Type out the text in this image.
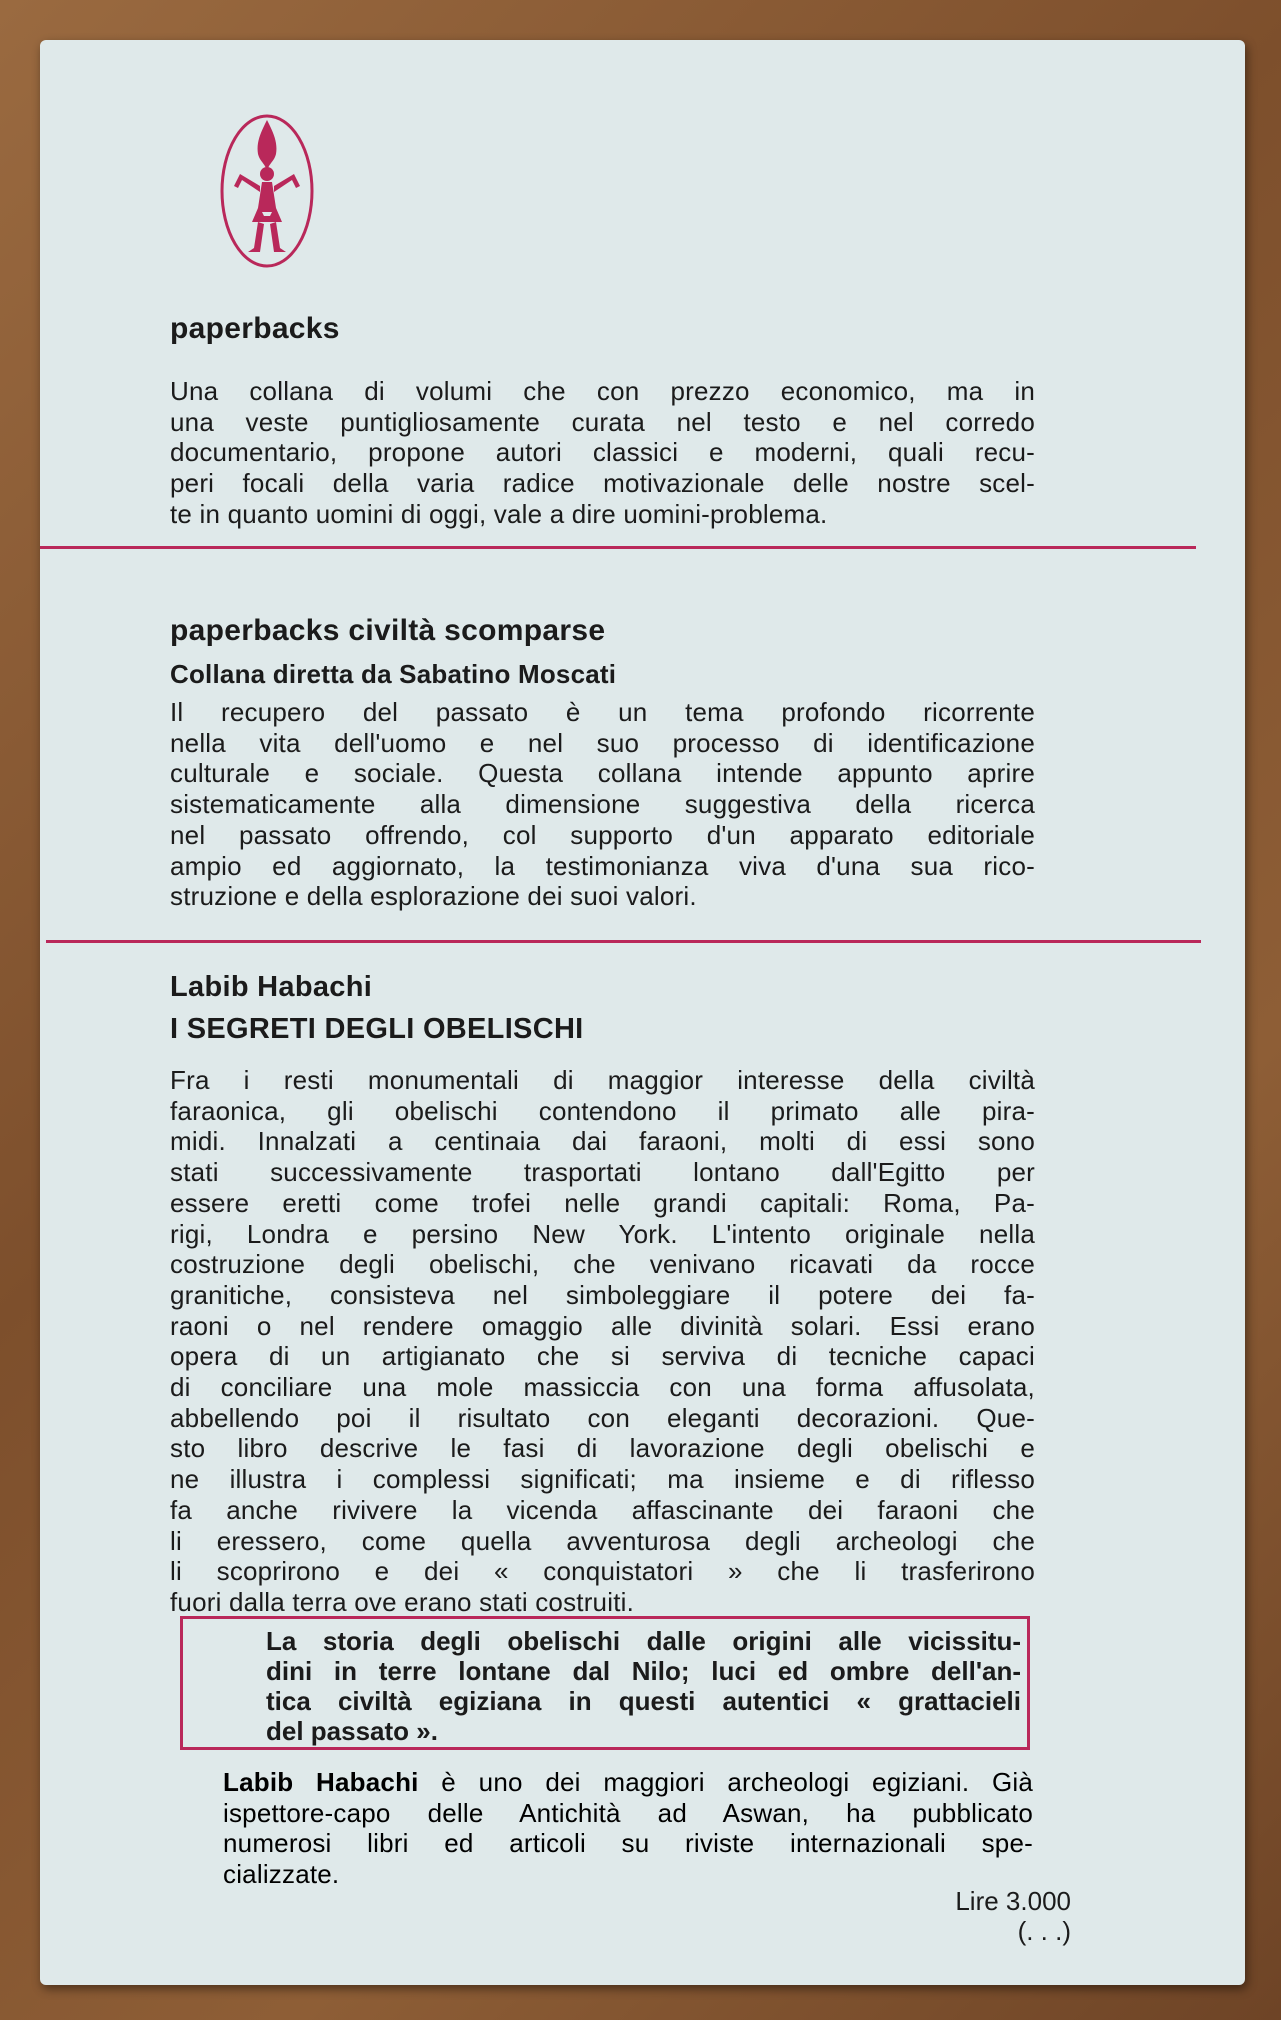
paperbacks
Una collana di volumi che con prezzo economico, ma in
una veste puntigliosamente curata nel testo e nel corredo
documentario, propone autori classici e moderni, quali recu-
peri focali della varia radice motivazionale delle nostre scel-
te in quanto uomini di oggi, vale a dire uomini-problema.
paperbacks civiltà scomparse
Collana diretta da Sabatino Moscati
Il recupero del passato è un tema profondo ricorrente
nella vita dell'uomo e nel suo processo di identificazione
culturale e sociale. Questa collana intende appunto aprire
sistematicamente alla dimensione suggestiva della ricerca
nel passato offrendo, col supporto d'un apparato editoriale
ampio ed aggiornato, la testimonianza viva d'una sua rico-
struzione e della esplorazione dei suoi valori.
Labib Habachi
I SEGRETI DEGLI OBELISCHI
Fra i resti monumentali di maggior interesse della civiltà
faraonica, gli obelischi contendono il primato alle pira-
midi. Innalzati a centinaia dai faraoni, molti di essi sono
stati successivamente trasportati lontano dall'Egitto per
essere eretti come trofei nelle grandi capitali: Roma, Pa-
rigi, Londra e persino New York. L'intento originale nella
costruzione degli obelischi, che venivano ricavati da rocce
granitiche, consisteva nel simboleggiare il potere dei fa-
raoni o nel rendere omaggio alle divinità solari. Essi erano
opera di un artigianato che si serviva di tecniche capaci
di conciliare una mole massiccia con una forma affusolata,
abbellendo poi il risultato con eleganti decorazioni. Que-
sto libro descrive le fasi di lavorazione degli obelischi e
ne illustra i complessi significati; ma insieme e di riflesso
fa anche rivivere la vicenda affascinante dei faraoni che
li eressero, come quella avventurosa degli archeologi che
li scoprirono e dei « conquistatori » che li trasferirono
fuori dalla terra ove erano stati costruiti.
La storia degli obelischi dalle origini alle vicissitu-
dini in terre lontane dal Nilo; luci ed ombre dell'an-
tica civiltà egiziana in questi autentici « grattacieli
del passato ».
Labib Habachi è uno dei maggiori archeologi egiziani. Già
ispettore-capo delle Antichità ad Aswan, ha pubblicato
numerosi libri ed articoli su riviste internazionali spe-
cializzate.
Lire 3.000
(. . .)
